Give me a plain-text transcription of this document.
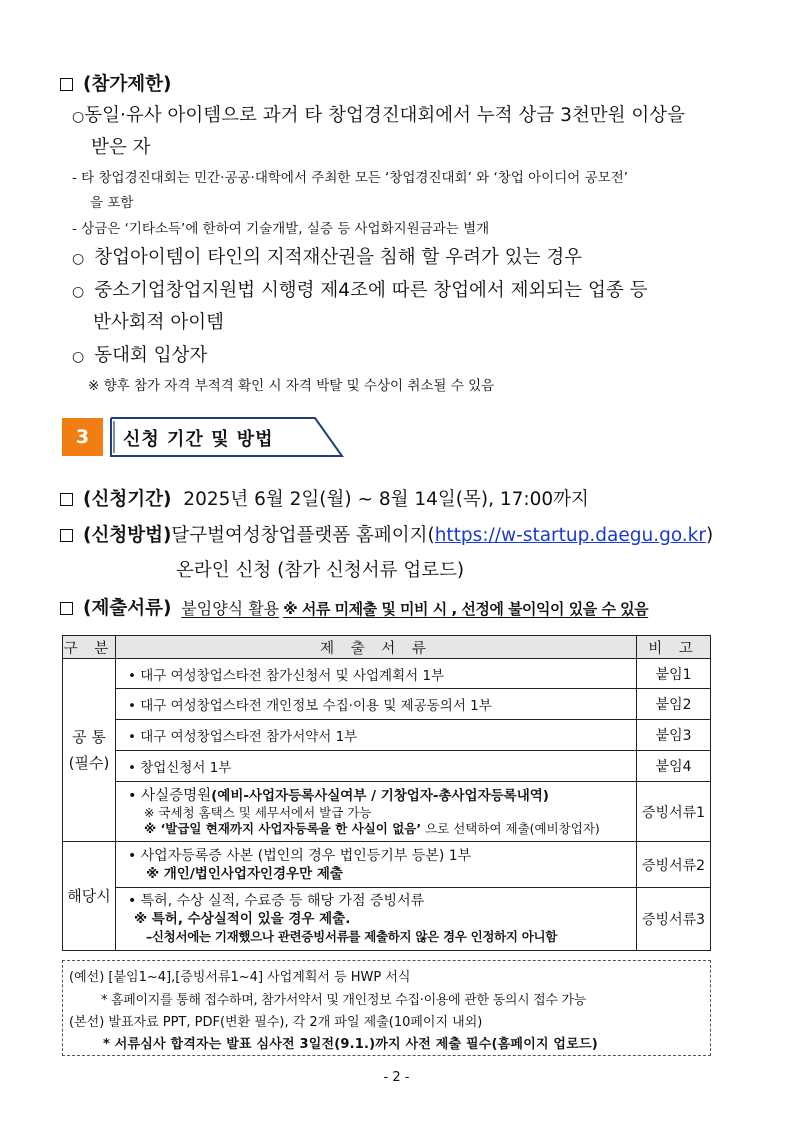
(참가제한)
○동일·유사 아이템으로 과거 타 창업경진대회에서 누적 상금 3천만원 이상을
받은 자
- 타 창업경진대회는 민간·공공·대학에서 주최한 모든 ‘창업경진대회’ 와 ‘창업 아이디어 공모전’
을 포함
- 상금은 ‘기타소득’에 한하여 기술개발, 실증 등 사업화지원금과는 별개
○ 창업아이템이 타인의 지적재산권을 침해 할 우려가 있는 경우
○ 중소기업창업지원법 시행령 제4조에 따른 창업에서 제외되는 업종 등
반사회적 아이템
○ 동대회 입상자
※ 향후 참가 자격 부적격 확인 시 자격 박탈 및 수상이 취소될 수 있음
3	신청 기간 및 방법
(신청기간) 2025년 6월 2일(월) ~ 8월 14일(목), 17:00까지
(신청방법)달구벌여성창업플랫폼 홈페이지(https://w-startup.daegu.go.kr)
온라인 신청 (참가 신청서류 업로드)
(제출서류) 붙임양식 활용 ※ 서류 미제출 및 미비 시 , 선정에 불이익이 있을 수 있음
구 분	제 출 서 류	비 고

공 통
(필수)	• 대구 여성창업스타전 참가신청서 및 사업계획서 1부	붙임1
	• 대구 여성창업스타전 개인정보 수집·이용 및 제공동의서 1부	붙임2
	• 대구 여성창업스타전 참가서약서 1부	붙임3
	• 창업신청서 1부	붙임4

	• 사실증명원(예비-사업자등록사실여부 / 기창업자-총사업자등록내역)
※ 국세청 홈택스 및 세무서에서 발급 가능
※ ‘발급일 현재까지 사업자등록을 한 사실이 없음’ 으로 선택하여 제출(예비창업자)	증빙서류1
해당시	• 사업자등록증 사본 (법인의 경우 법인등기부 등본) 1부
※ 개인/법인사업자인경우만 제출	증빙서류2

	• 특허, 수상 실적, 수료증 등 해당 가점 증빙서류
※ 특허, 수상실적이 있을 경우 제출.
–신청서에는 기재했으나 관련증빙서류를 제출하지 않은 경우 인정하지 아니함	증빙서류3
(예선) [붙임1~4],[증빙서류1~4] 사업계획서 등 HWP 서식
* 홈페이지를 통해 접수하며, 참가서약서 및 개인정보 수집·이용에 관한 동의시 접수 가능
(본선) 발표자료 PPT, PDF(변환 필수), 각 2개 파일 제출(10페이지 내외)
* 서류심사 합격자는 발표 심사전 3일전(9.1.)까지 사전 제출 필수(홈페이지 업로드)
- 2 -
